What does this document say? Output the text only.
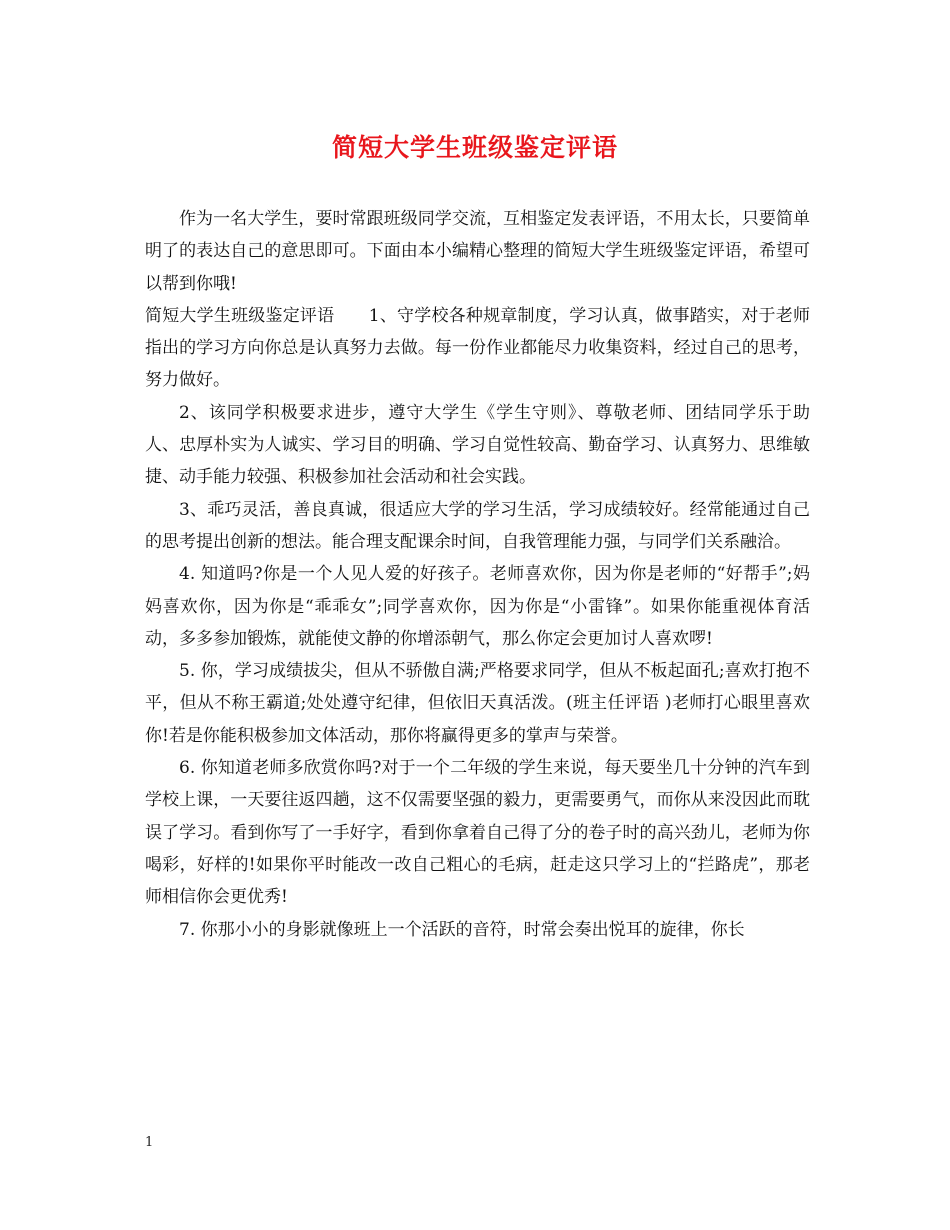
简短大学生班级鉴定评语

作为一名大学生，要时常跟班级同学交流，互相鉴定发表评语，不用太长，只要简单明了的表达自己的意思即可。下面由本小编精心整理的简短大学生班级鉴定评语，希望可以帮到你哦!

简短大学生班级鉴定评语　　1、守学校各种规章制度，学习认真，做事踏实，对于老师指出的学习方向你总是认真努力去做。每一份作业都能尽力收集资料，经过自己的思考，努力做好。

2、该同学积极要求进步，遵守大学生《学生守则》、尊敬老师、团结同学乐于助人、忠厚朴实为人诚实、学习目的明确、学习自觉性较高、勤奋学习、认真努力、思维敏捷、动手能力较强、积极参加社会活动和社会实践。

3、乖巧灵活，善良真诚，很适应大学的学习生活，学习成绩较好。经常能通过自己的思考提出创新的想法。能合理支配课余时间，自我管理能力强，与同学们关系融洽。

4. 知道吗?你是一个人见人爱的好孩子。老师喜欢你，因为你是老师的“好帮手”;妈妈喜欢你，因为你是“乖乖女”;同学喜欢你，因为你是“小雷锋”。如果你能重视体育活动，多多参加锻炼，就能使文静的你增添朝气，那么你定会更加讨人喜欢啰!

5. 你，学习成绩拔尖，但从不骄傲自满;严格要求同学，但从不板起面孔;喜欢打抱不平，但从不称王霸道;处处遵守纪律，但依旧天真活泼。(班主任评语 )老师打心眼里喜欢你!若是你能积极参加文体活动，那你将赢得更多的掌声与荣誉。

6. 你知道老师多欣赏你吗?对于一个二年级的学生来说，每天要坐几十分钟的汽车到学校上课，一天要往返四趟，这不仅需要坚强的毅力，更需要勇气，而你从来没因此而耽误了学习。看到你写了一手好字，看到你拿着自己得了分的卷子时的高兴劲儿，老师为你喝彩，好样的!如果你平时能改一改自己粗心的毛病，赶走这只学习上的“拦路虎”，那老师相信你会更优秀!

7. 你那小小的身影就像班上一个活跃的音符，时常会奏出悦耳的旋律，你长

1
